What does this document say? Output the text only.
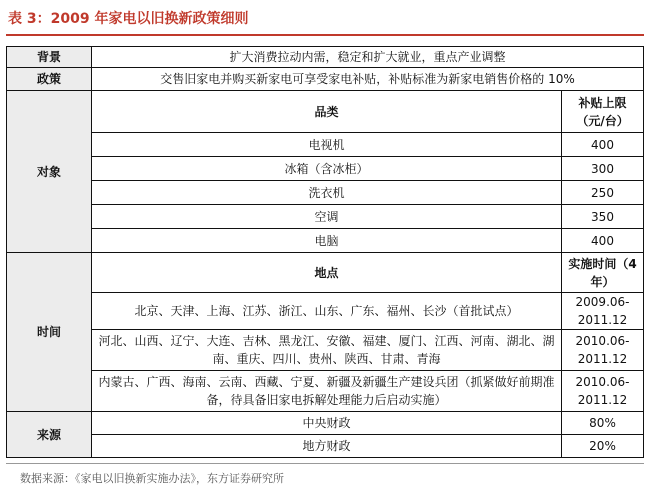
表 3：2009 年家电以旧换新政策细则
背景	扩大消费拉动内需，稳定和扩大就业，重点产业调整	
政策	交售旧家电并购买新家电可享受家电补贴，补贴标准为新家电销售价格的 10%	
对象	品类	补贴上限（元/台）
	电视机	400
	冰箱（含冰柜）	300
	洗衣机	250
	空调	350
	电脑	400
时间	地点	实施时间（4 年）
	北京、天津、上海、江苏、浙江、山东、广东、福州、长沙（首批试点）	2009.06-2011.12
	河北、山西、辽宁、大连、吉林、黑龙江、安徽、福建、厦门、江西、河南、湖北、湖南、重庆、四川、贵州、陕西、甘肃、青海	2010.06-2011.12
	内蒙古、广西、海南、云南、西藏、宁夏、新疆及新疆生产建设兵团（抓紧做好前期准备，待具备旧家电拆解处理能力后启动实施）	2010.06-2011.12
来源	中央财政	80%
	地方财政	20%
数据来源：《家电以旧换新实施办法》，东方证券研究所
